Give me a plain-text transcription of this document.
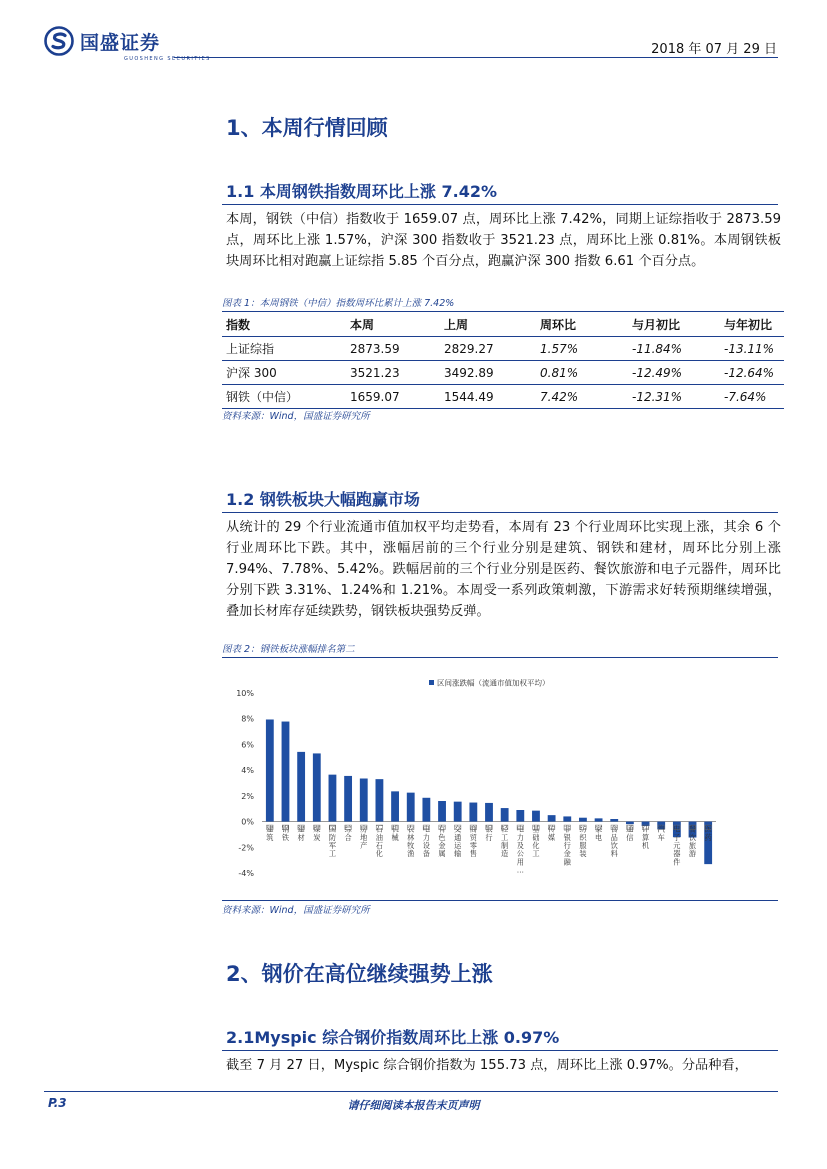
国盛证券
GUOSHENG SECURITIES
2018 年 07 月 29 日
1、本周行情回顾
1.1 本周钢铁指数周环比上涨 7.42%
本周，钢铁（中信）指数收于 1659.07 点，周环比上涨 7.42%，同期上证综指收于 2873.59 点，周环比上涨 1.57%，沪深 300 指数收于 3521.23 点，周环比上涨 0.81%。本周钢铁板块周环比相对跑赢上证综指 5.85 个百分点，跑赢沪深 300 指数 6.61 个百分点。
图表 1：本周钢铁（中信）指数周环比累计上涨 7.42%
指数	本周	上周	周环比	与月初比	与年初比
上证综指	2873.59	2829.27	1.57%	-11.84%	-13.11%
沪深 300	3521.23	3492.89	0.81%	-12.49%	-12.64%
钢铁（中信）	1659.07	1544.49	7.42%	-12.31%	-7.64%
资料来源：Wind，国盛证券研究所
1.2 钢铁板块大幅跑赢市场
从统计的 29 个行业流通市值加权平均走势看，本周有 23 个行业周环比实现上涨，其余 6 个行业周环比下跌。其中，涨幅居前的三个行业分别是建筑、钢铁和建材，周环比分别上涨 7.94%、7.78%、5.42%。跌幅居前的三个行业分别是医药、餐饮旅游和电子元器件，周环比分别下跌 3.31%、1.24%和 1.21%。本周受一系列政策刺激，下游需求好转预期继续增强，叠加长材库存延续跌势，钢铁板块强势反弹。
图表 2：钢铁板块涨幅排名第二
10%
8%
6%
4%
2%
0%
-2%
-4%
建筑
钢铁
建材
煤炭
国防军工
综合
房地产
石油石化
机械
农林牧渔
电力设备
有色金属
交通运输
商贸零售
银行
轻工制造
电力及公用…
基础化工
传媒
非银行金融
纺织服装
家电
食品饮料
通信
计算机
汽车
电子元器件
餐饮旅游
医药
区间涨跌幅（流通市值加权平均）
资料来源：Wind，国盛证券研究所
2、钢价在高位继续强势上涨
2.1Myspic 综合钢价指数周环比上涨 0.97%
截至 7 月 27 日，Myspic 综合钢价指数为 155.73 点，周环比上涨 0.97%。分品种看，
P.3	请仔细阅读本报告末页声明
